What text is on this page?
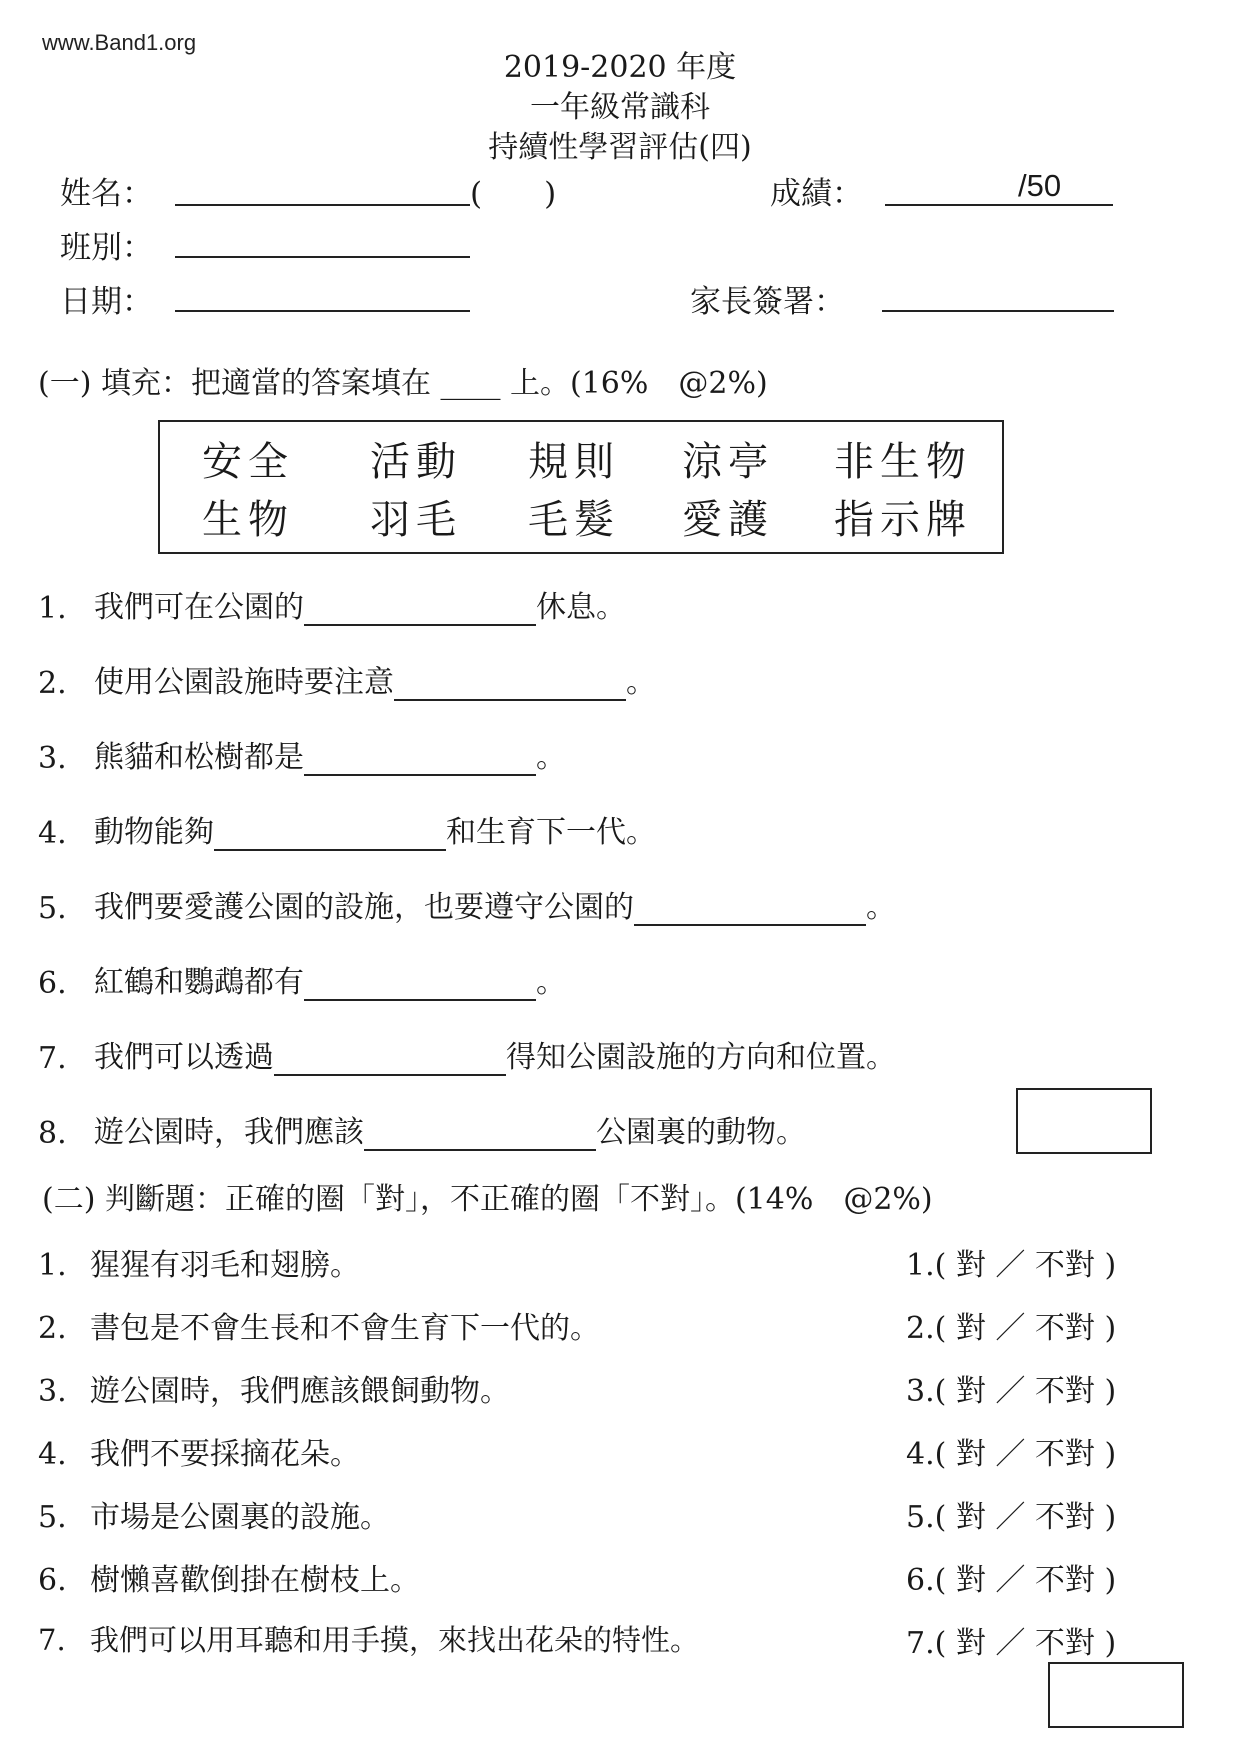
www.Band1.org
2019-2020 年度
一年級常識科
持續性學習評估(四)
姓名：	(　　)	成績：	/50
班別：
日期：	家長簽署：
(一) 填充：把適當的答案填在 ____ 上。(16%　@2%)
安全 活動 規則 涼亭 非生物
生物 羽毛 毛髮 愛護 指示牌
1. 我們可在公園的	休息。
2. 使用公園設施時要注意	。
3. 熊貓和松樹都是	。
4. 動物能夠	和生育下一代。
5. 我們要愛護公園的設施，也要遵守公園的	。
6. 紅鶴和鸚鵡都有	。
7. 我們可以透過	得知公園設施的方向和位置。
8. 遊公園時，我們應該	公園裏的動物。
(二) 判斷題：正確的圈「對」，不正確的圈「不對」。(14%　@2%)
1. 猩猩有羽毛和翅膀。	1.( 對 ／ 不對 )
2. 書包是不會生長和不會生育下一代的。	2.( 對 ／ 不對 )
3. 遊公園時，我們應該餵飼動物。	3.( 對 ／ 不對 )
4. 我們不要採摘花朵。	4.( 對 ／ 不對 )
5. 市場是公園裏的設施。	5.( 對 ／ 不對 )
6. 樹懶喜歡倒掛在樹枝上。	6.( 對 ／ 不對 )
7. 我們可以用耳聽和用手摸，來找出花朵的特性。	7.( 對 ／ 不對 )
